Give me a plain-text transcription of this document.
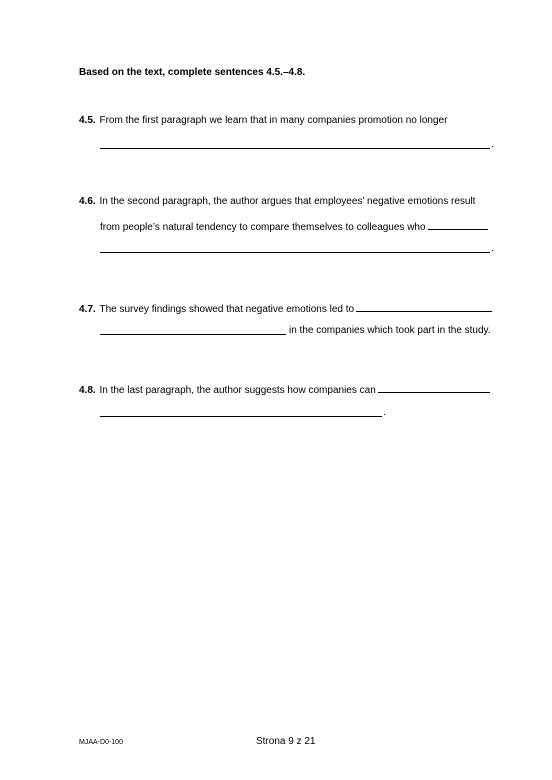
Based on the text, complete sentences 4.5.–4.8.
4.5. From the first paragraph we learn that in many companies promotion no longer
.
4.6. In the second paragraph, the author argues that employees’ negative emotions result
from people’s natural tendency to compare themselves to colleagues who
.
4.7. The survey findings showed that negative emotions led to
in the companies which took part in the study.
4.8. In the last paragraph, the author suggests how companies can
.
MJAA-D0-100	Strona 9 z 21
